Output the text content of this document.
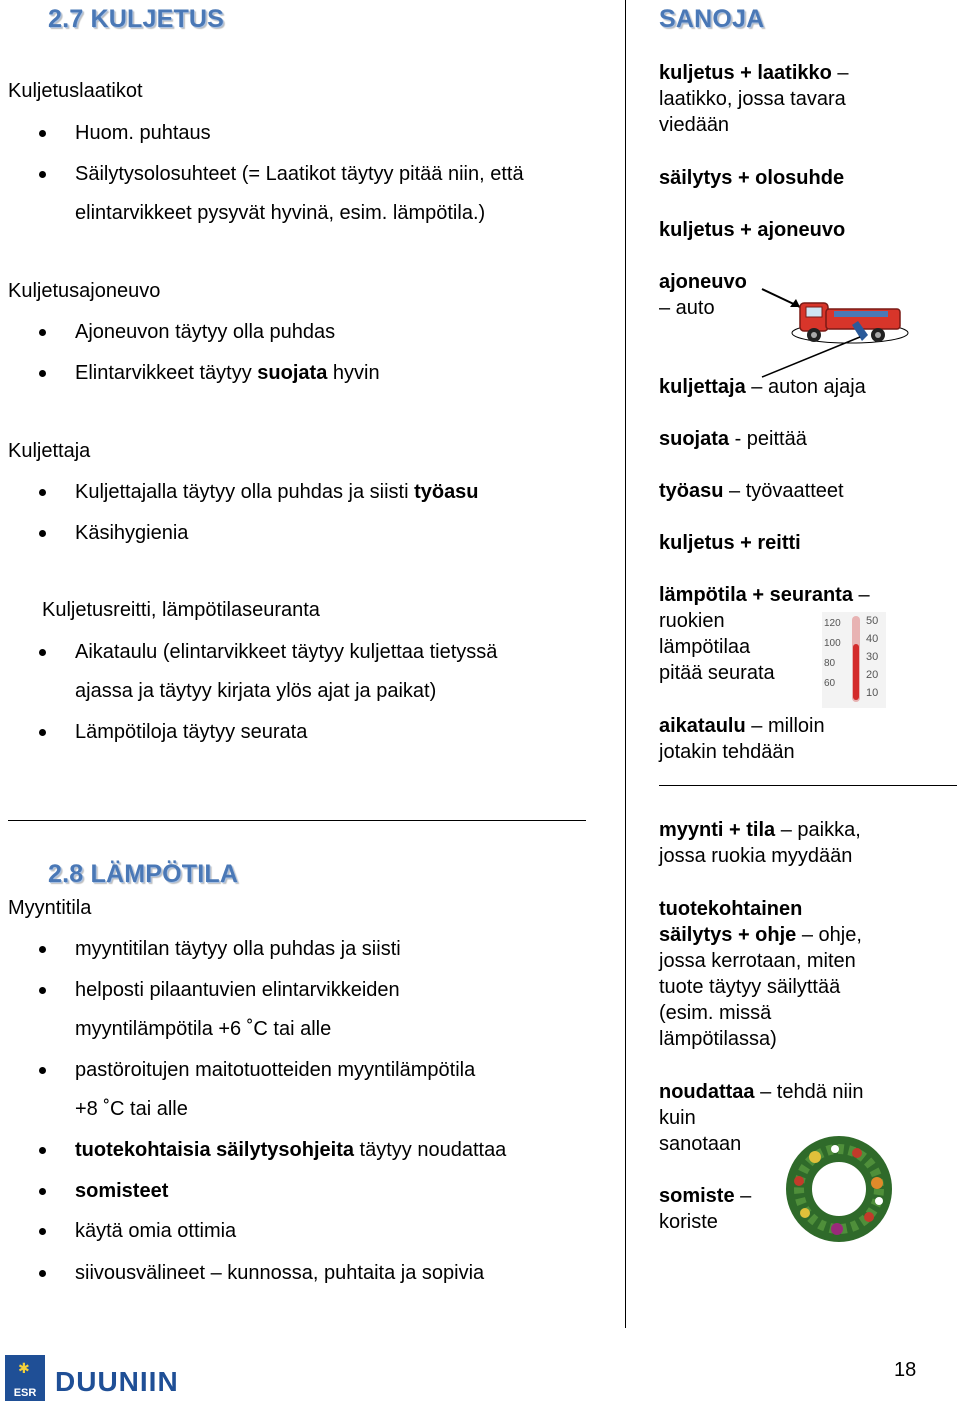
2.7 KULJETUS
Kuljetuslaatikot
Huom. puhtaus
Säilytysolosuhteet (= Laatikot täytyy pitää niin, että
elintarvikkeet pysyvät hyvinä, esim. lämpötila.)
Kuljetusajoneuvo
Ajoneuvon täytyy olla puhdas
Elintarvikkeet täytyy suojata hyvin
Kuljettaja
Kuljettajalla täytyy olla puhdas ja siisti työasu
Käsihygienia
Kuljetusreitti, lämpötilaseuranta
Aikataulu (elintarvikkeet täytyy kuljettaa tietyssä
ajassa ja täytyy kirjata ylös ajat ja paikat)
Lämpötiloja täytyy seurata
2.8 LÄMPÖTILA
Myyntitila
myyntitilan täytyy olla puhdas ja siisti
helposti pilaantuvien elintarvikkeiden
myyntilämpötila +6 ˚C tai alle
pastöroitujen maitotuotteiden myyntilämpötila
+8 ˚C tai alle
tuotekohtaisia säilytysohjeita täytyy noudattaa
somisteet
käytä omia ottimia
siivousvälineet – kunnossa, puhtaita ja sopivia
SANOJA
kuljetus + laatikko –
laatikko, jossa tavara
viedään
säilytys + olosuhde
kuljetus + ajoneuvo
ajoneuvo
– auto
kuljettaja – auton ajaja
suojata - peittää
työasu – työvaatteet
kuljetus + reitti
lämpötila + seuranta –
ruokien
lämpötilaa
pitää seurata
120
100
80
60
50
40
30
20
10
aikataulu – milloin
jotakin tehdään
myynti + tila – paikka,
jossa ruokia myydään
tuotekohtainen
säilytys + ohje – ohje,
jossa kerrotaan, miten
tuote täytyy säilyttää
(esim. missä
lämpötilassa)
noudattaa – tehdä niin
kuin
sanotaan
somiste –
koriste
ESR
✱ DUUNIIN	18
